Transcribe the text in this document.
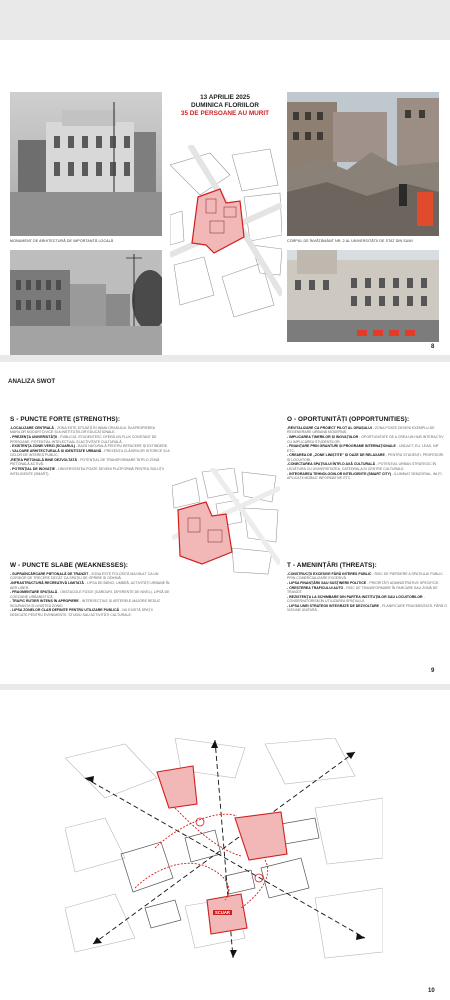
13 APRILIE 2025
DUMINICA FLORIILOR
35 DE PERSOANE AU MURIT
MONUMENT DE ARHITECTURĂ DE IMPORTANȚĂ LOCALĂ	CORPUL DE ÎNVĂȚĂMÂNT NR. 2 AL UNIVERSITĂȚII DE STAT DIN SUMI
8
ANALIZA SWOT
S - PUNCTE FORTE (STRENGTHS):
-LOCALIZARE CENTRALĂ - ZONA ESTE SITUATĂ ÎN INIMA ORAȘULUI, ÎN APROPIEREA MARILOR NODURI CIVICE ȘI A INSTITUȚIILOR EDUCAȚIONALE.
- PREZENȚA UNIVERSITĂȚII - PUBLICUL STUDENȚESC OFERĂ UN FLUX CONSTANT DE PERSOANE, POTENȚIAL INTELECTUAL ȘI ACTIVITATE CULTURALĂ.
- EXISTENȚA ZONEI VERZI (SCUARUL) - BAZĂ NATURALĂ PENTRU REFACERE ȘI EXTINDERE.
- VALOARE ARHITECTURALĂ ȘI IDENTITATE URBANĂ - PREZENȚA CLĂDIRILOR ISTORICE ȘI A CELOR DE INTERES PUBLIC.
-REȚEA PIETONALĂ BINE DEZVOLTATĂ - POTENȚIAL DE TRANSFORMARE ÎNTR-O ZONĂ PIETONALĂ ACTIVĂ.
- POTENȚIAL DE INOVAȚIE - UNIVERSITATEA POATE DEVENI PLATFORMĂ PENTRU SOLUȚII INTELIGENTE (SMART).
O - OPORTUNITĂȚI (OPPORTUNITIES):
-REVITALIZARE CA PROIECT PILOT AL ORAȘULUI - ZONA POATE DEVENI EXEMPLU DE REGENERARE URBANĂ MODERNĂ.
- IMPLICAREA TINERILOR ȘI INOVAȚIILOR - OPORTUNITATE DE A CREA UN HUB INTERACTIV CU IMPLICAREA STUDENȚILOR.
- FINANȚARE PRIN GRANTURI ȘI PROGRAME INTERNAȚIONALE - UNDACT, EU, LEAD, NIF ETC.
- CREAREA DE „ZONE LINIȘTITE" ȘI OAZE DE RELAXARE - PENTRU STUDENȚI, PROFESORI ȘI LOCUITORI.
-CONECTAREA SPAȚIULUI ÎNTR-O AXĂ CULTURALĂ - POTENȚIAL URBAN STRATEGIC ÎN LEGĂTURA CU UNIVERSITATEA, CATEDRALA ȘI CENTRE CULTURALE.
- INTEGRAREA TEHNOLOGIILOR INTELIGENTE (SMART CITY) - ILUMINAT SENZORIAL, WI-FI, APLICAȚII MOBILE INFORMATIVE ETC.
W - PUNCTE SLABE (WEAKNESSES):
- SUPRAÎNCĂRCARE PIETONALĂ DE TRANZIT - ZONA ESTE FOLOSITĂ MAI MULT CA UN CORIDOR DE TRECERE DECÂT CA SPAȚIU DE OPRIRE ȘI ODIHNĂ.
-INFRASTRUCTURĂ RECREATIVĂ LIMITATĂ - LIPSA DE BĂNCI, UMBRĂ, ACTIVITĂȚI URBANE ÎN AER LIBER.
- FRAGMENTARE SPAȚIALĂ - OBSTACOLE FIZICE (GARDURI, DIFERENȚE DE NIVEL), LIPSĂ DE COEZIUNE URBANISTICĂ.
- TRAFIC RUTIER INTENS ÎN APROPIERE - INTERSECȚIILE ȘI ARTERELE MAJORE REDUC SIGURANȚA ȘI LINIȘTEA ZONEI.
- LIPSA ZONELOR CLAR DEFINITE PENTRU UTILIZARE PUBLICĂ - NU EXISTĂ SPAȚII DEDICATE PENTRU EVENIMENTE, STUDIU SAU ACTIVITĂȚI CULTURALE.
T - AMENINȚĂRI (THREATS):
-CONSTRUCȚII EXCESIVE FĂRĂ INTERES PUBLIC - RISC DE PIERDERE A SPAȚIULUI PUBLIC PRIN COMERCIALIZARE EXCESIVĂ.
- LIPSA FINANȚĂRII SAU SUSȚINERII POLITICE - PRIORITĂȚI ADMINISTRATIVE SPECIFICE.
- CREȘTEREA TRAFICULUI AUTO - RISC DE TRANSFORMARE ÎN PARCARE SAU ZONĂ DE TRANZIT.
- REZISTENȚA LA SCHIMBARE DIN PARTEA INSTITUȚIILOR SAU LOCUITORILOR - CONSERVATORISM ÎN UTILIZAREA SPAȚIULUI.
- LIPSA UNEI STRATEGII INTEGRATE DE DEZVOLTARE - PLANIFICARE FRAGMENTATĂ, FĂRĂ O VIZIUNE UNITARĂ.
9
SCUAR
10
